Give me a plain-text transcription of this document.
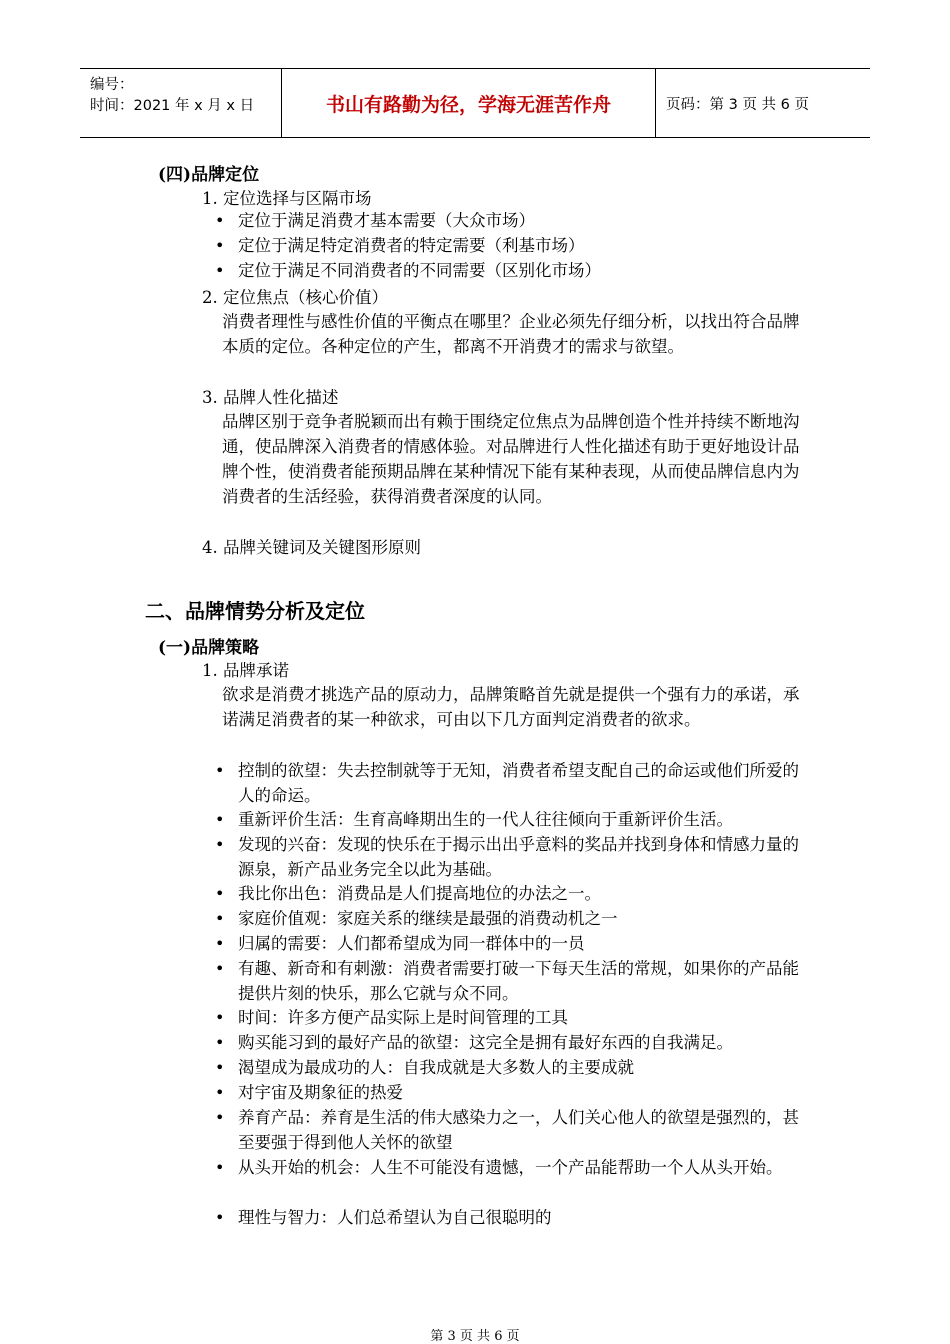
编号：
时间：2021 年 x 月 x 日	书山有路勤为径，学海无涯苦作舟	页码：第 3 页 共 6 页
(四)品牌定位
1. 定位选择与区隔市场
• 定位于满足消费才基本需要（大众市场）
• 定位于满足特定消费者的特定需要（利基市场）
• 定位于满足不同消费者的不同需要（区别化市场）
2. 定位焦点（核心价值）
消费者理性与感性价值的平衡点在哪里？企业必须先仔细分析，以找出符合品牌本质的定位。各种定位的产生，都离不开消费才的需求与欲望。
3. 品牌人性化描述
品牌区别于竞争者脱颖而出有赖于围绕定位焦点为品牌创造个性并持续不断地沟通，使品牌深入消费者的情感体验。对品牌进行人性化描述有助于更好地设计品牌个性，使消费者能预期品牌在某种情况下能有某种表现，从而使品牌信息内为消费者的生活经验，获得消费者深度的认同。
4. 品牌关键词及关键图形原则
二、品牌情势分析及定位
(一)品牌策略
1. 品牌承诺
欲求是消费才挑选产品的原动力，品牌策略首先就是提供一个强有力的承诺，承诺满足消费者的某一种欲求，可由以下几方面判定消费者的欲求。
• 控制的欲望：失去控制就等于无知，消费者希望支配自己的命运或他们所爱的人的命运。
• 重新评价生活：生育高峰期出生的一代人往往倾向于重新评价生活。
• 发现的兴奋：发现的快乐在于揭示出出乎意料的奖品并找到身体和情感力量的源泉，新产品业务完全以此为基础。
• 我比你出色：消费品是人们提高地位的办法之一。
• 家庭价值观：家庭关系的继续是最强的消费动机之一
• 归属的需要：人们都希望成为同一群体中的一员
• 有趣、新奇和有刺激：消费者需要打破一下每天生活的常规，如果你的产品能提供片刻的快乐，那么它就与众不同。
• 时间：许多方便产品实际上是时间管理的工具
• 购买能习到的最好产品的欲望：这完全是拥有最好东西的自我满足。
• 渴望成为最成功的人：自我成就是大多数人的主要成就
• 对宇宙及期象征的热爱
• 养育产品：养育是生活的伟大感染力之一，人们关心他人的欲望是强烈的，甚至要强于得到他人关怀的欲望
• 从头开始的机会：人生不可能没有遗憾，一个产品能帮助一个人从头开始。
• 理性与智力：人们总希望认为自己很聪明的
第 3 页 共 6 页
